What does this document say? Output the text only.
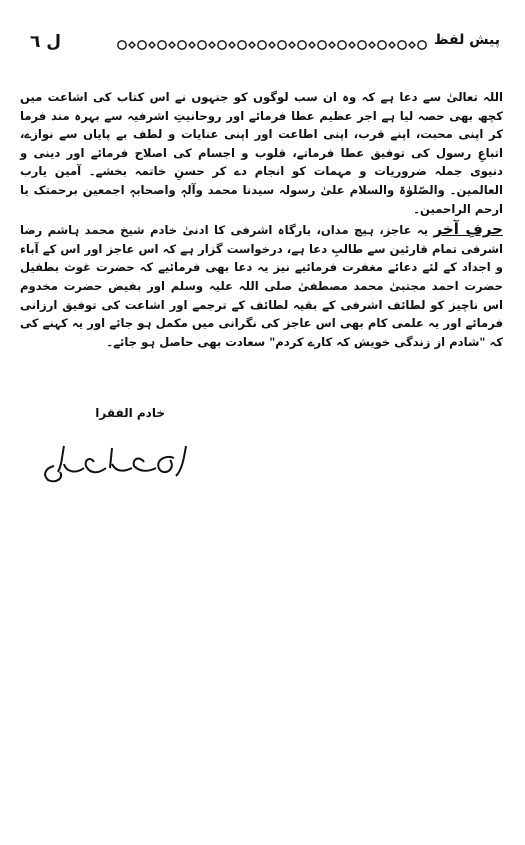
ل ٦	پیش لفظ

اللہ تعالیٰ سے دعا ہے کہ وہ ان سب لوگوں کو جنہوں نے اس کتاب کی اشاعت میں کچھ بھی حصہ لیا ہے اجر عظیم عطا فرمائے اور روحانیتِ اشرفیہ سے بہرہ مند فرما کر اپنی محبت، اپنے قرب، اپنی اطاعت اور اپنی عنایات و لطف بے پایاں سے نوازے، اتباعِ رسول کی توفیق عطا فرماتے، قلوب و اجسام کی اصلاح فرمائے اور دینی و دنیوی جملہ ضروریات و مہمات کو انجام دے کر حسنِ خاتمہ بخشے۔ آمین یارب العالمین۔ والصّلوٰۃ والسلام علیٰ رسولہ سیدنا محمد وآلہٖ واصحابہٖ اجمعین برحمتک یا ارحم الراحمین۔

حرفِ آخر یہ عاجز، ہیچ مداں، بارگاہ اشرفی کا ادنیٰ خادم شیخ محمد ہاشم رضا اشرفی تمام قارئین سے طالبِ دعا ہے، درخواست گزار ہے کہ اس عاجز اور اس کے آباء و اجداد کے لئے دعائے مغفرت فرمائیے نیز یہ دعا بھی فرمائیے کہ حضرت غوث بطفیل حضرت احمد مجتبیٰ محمد مصطفیٰ صلی اللہ علیہ وسلم اور بفیض حضرت مخدوم اس ناچیز کو لطائف اشرفی کے بقیہ لطائف کے ترجمے اور اشاعت کی توفیق ارزانی فرمائے اور یہ علمی کام بھی اس عاجز کی نگرانی میں مکمل ہو جائے اور یہ کہنے کی کہ "شادم از زندگی خویش کہ کارے کردم" سعادت بھی حاصل ہو جائے۔

خادم الفقرا
